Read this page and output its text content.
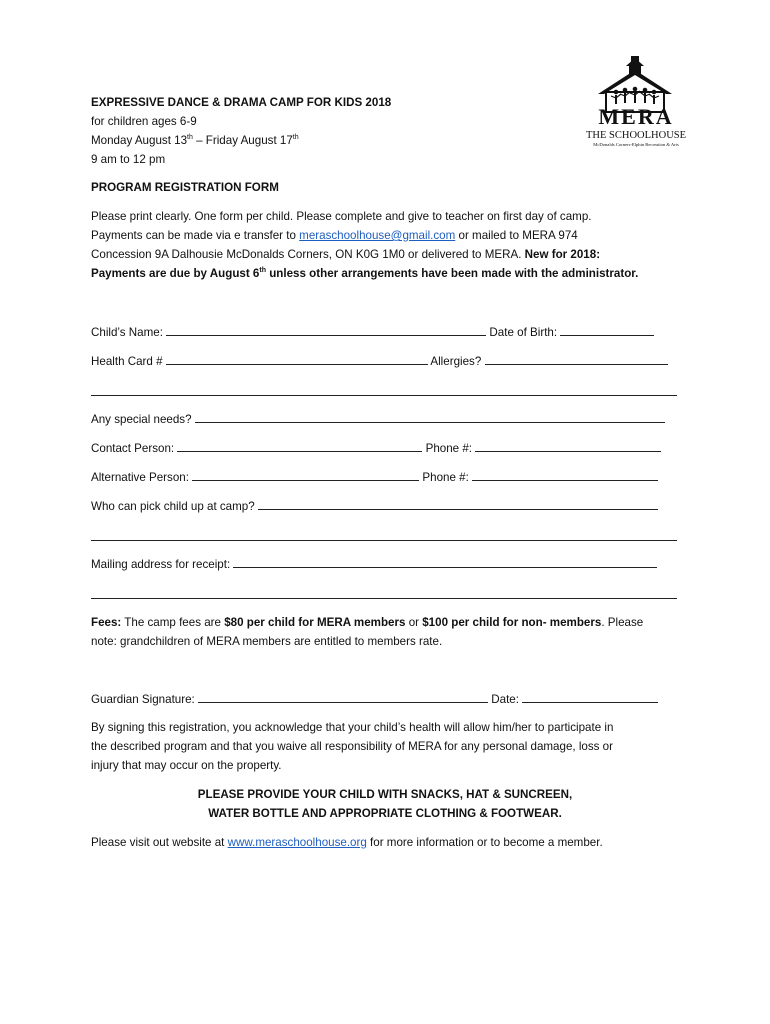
EXPRESSIVE DANCE & DRAMA CAMP FOR KIDS 2018
for children ages 6-9
Monday August 13th – Friday August 17th
9 am to 12 pm
MERA
THE SCHOOLHOUSE
McDonalds Corners-Elphin Recreation & Arts
PROGRAM REGISTRATION FORM
Please print clearly. One form per child. Please complete and give to teacher on first day of camp.
Payments can be made via e transfer to meraschoolhouse@gmail.com or mailed to MERA 974
Concession 9A Dalhousie McDonalds Corners, ON K0G 1M0 or delivered to MERA. New for 2018:
Payments are due by August 6th unless other arrangements have been made with the administrator.
Child’s Name:	Date of Birth:
Health Card #	Allergies?
Any special needs?
Contact Person:	Phone #:
Alternative Person:	Phone #:
Who can pick child up at camp?
Mailing address for receipt:
Fees: The camp fees are $80 per child for MERA members or $100 per child for non- members. Please
note: grandchildren of MERA members are entitled to members rate.
Guardian Signature:	Date:
By signing this registration, you acknowledge that your child’s health will allow him/her to participate in
the described program and that you waive all responsibility of MERA for any personal damage, loss or
injury that may occur on the property.
PLEASE PROVIDE YOUR CHILD WITH SNACKS, HAT & SUNCREEN,
WATER BOTTLE AND APPROPRIATE CLOTHING & FOOTWEAR.
Please visit out website at www.meraschoolhouse.org for more information or to become a member.
